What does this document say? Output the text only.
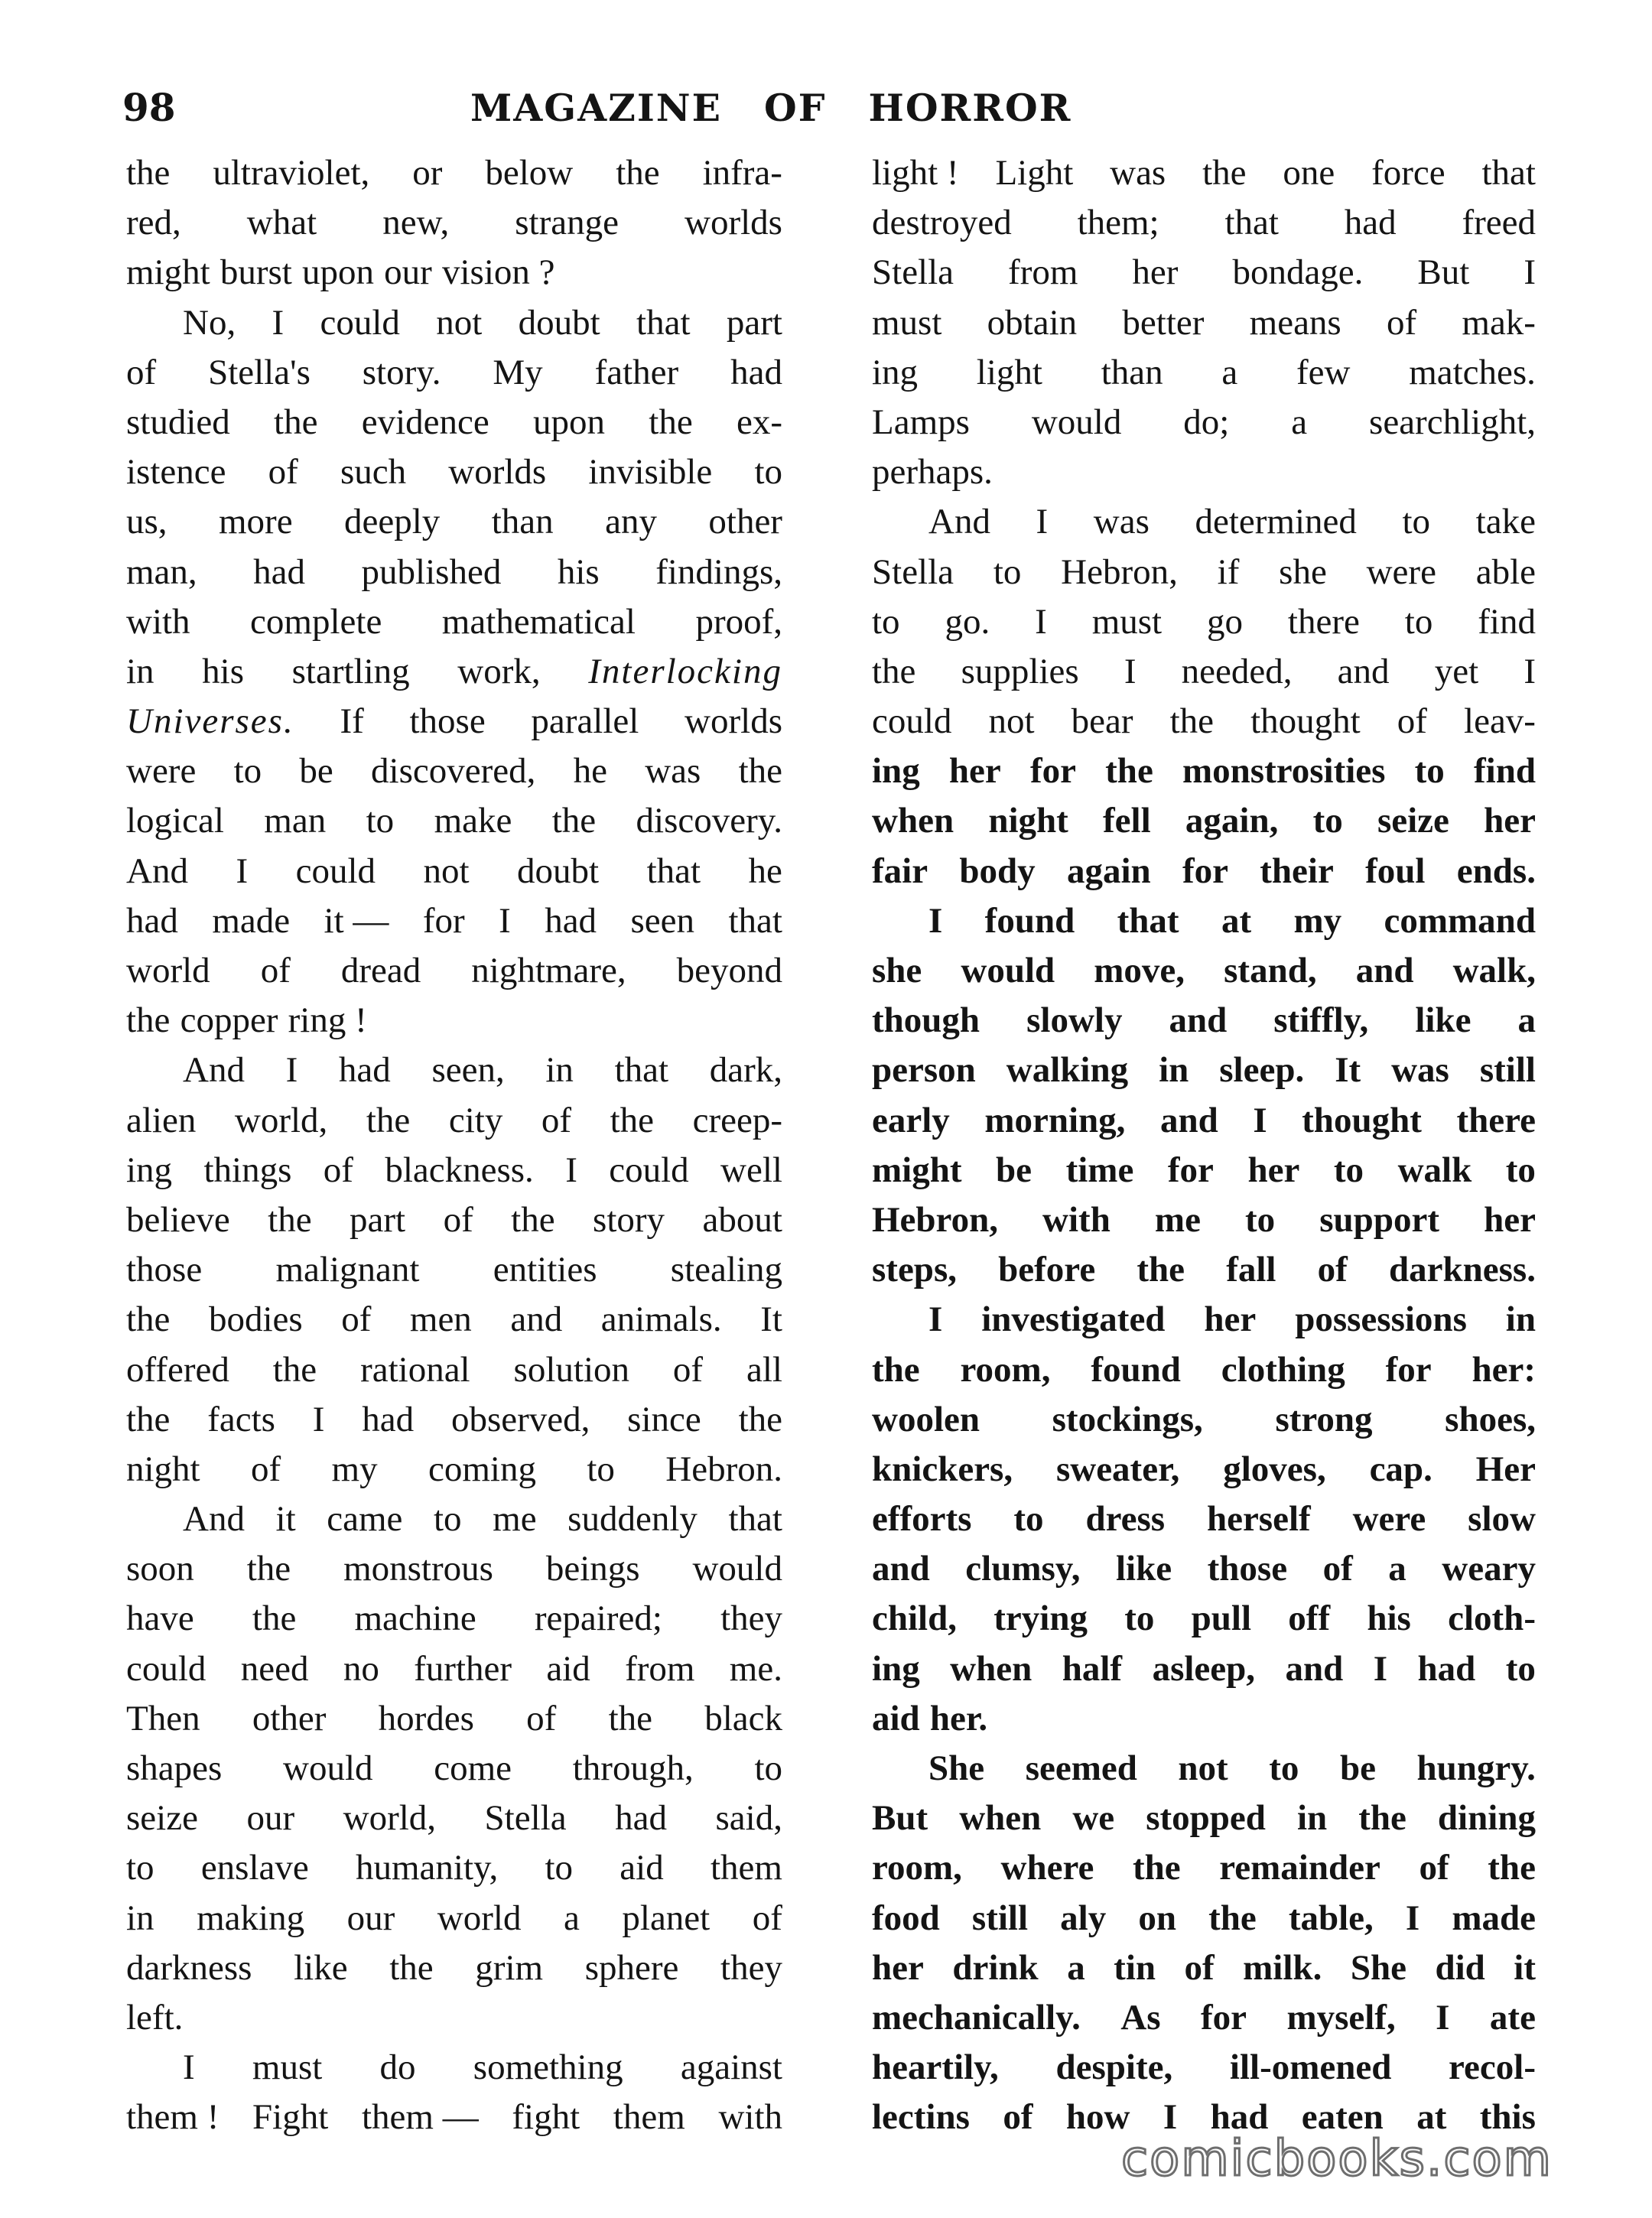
98	MAGAZINE OF HORROR
the ultraviolet, or below the infra-
red, what new, strange worlds
might burst upon our vision ?
No, I could not doubt that part
of Stella's story. My father had
studied the evidence upon the ex-
istence of such worlds invisible to
us, more deeply than any other
man, had published his findings,
with complete mathematical proof,
in his startling work, Interlocking
Universes. If those parallel worlds
were to be discovered, he was the
logical man to make the discovery.
And I could not doubt that he
had made it — for I had seen that
world of dread nightmare, beyond
the copper ring !
And I had seen, in that dark,
alien world, the city of the creep-
ing things of blackness. I could well
believe the part of the story about
those malignant entities stealing
the bodies of men and animals. It
offered the rational solution of all
the facts I had observed, since the
night of my coming to Hebron.
And it came to me suddenly that
soon the monstrous beings would
have the machine repaired; they
could need no further aid from me.
Then other hordes of the black
shapes would come through, to
seize our world, Stella had said,
to enslave humanity, to aid them
in making our world a planet of
darkness like the grim sphere they
left.
I must do something against
them ! Fight them — fight them with
light ! Light was the one force that
destroyed them; that had freed
Stella from her bondage. But I
must obtain better means of mak-
ing light than a few matches.
Lamps would do; a searchlight,
perhaps.
And I was determined to take
Stella to Hebron, if she were able
to go. I must go there to find
the supplies I needed, and yet I
could not bear the thought of leav-
ing her for the monstrosities to find
when night fell again, to seize her
fair body again for their foul ends.
I found that at my command
she would move, stand, and walk,
though slowly and stiffly, like a
person walking in sleep. It was still
early morning, and I thought there
might be time for her to walk to
Hebron, with me to support her
steps, before the fall of darkness.
I investigated her possessions in
the room, found clothing for her:
woolen stockings, strong shoes,
knickers, sweater, gloves, cap. Her
efforts to dress herself were slow
and clumsy, like those of a weary
child, trying to pull off his cloth-
ing when half asleep, and I had to
aid her.
She seemed not to be hungry.
But when we stopped in the dining
room, where the remainder of the
food still aly on the table, I made
her drink a tin of milk. She did it
mechanically. As for myself, I ate
heartily, despite, ill-omened recol-
lectins of how I had eaten at this
comicbooks.com
